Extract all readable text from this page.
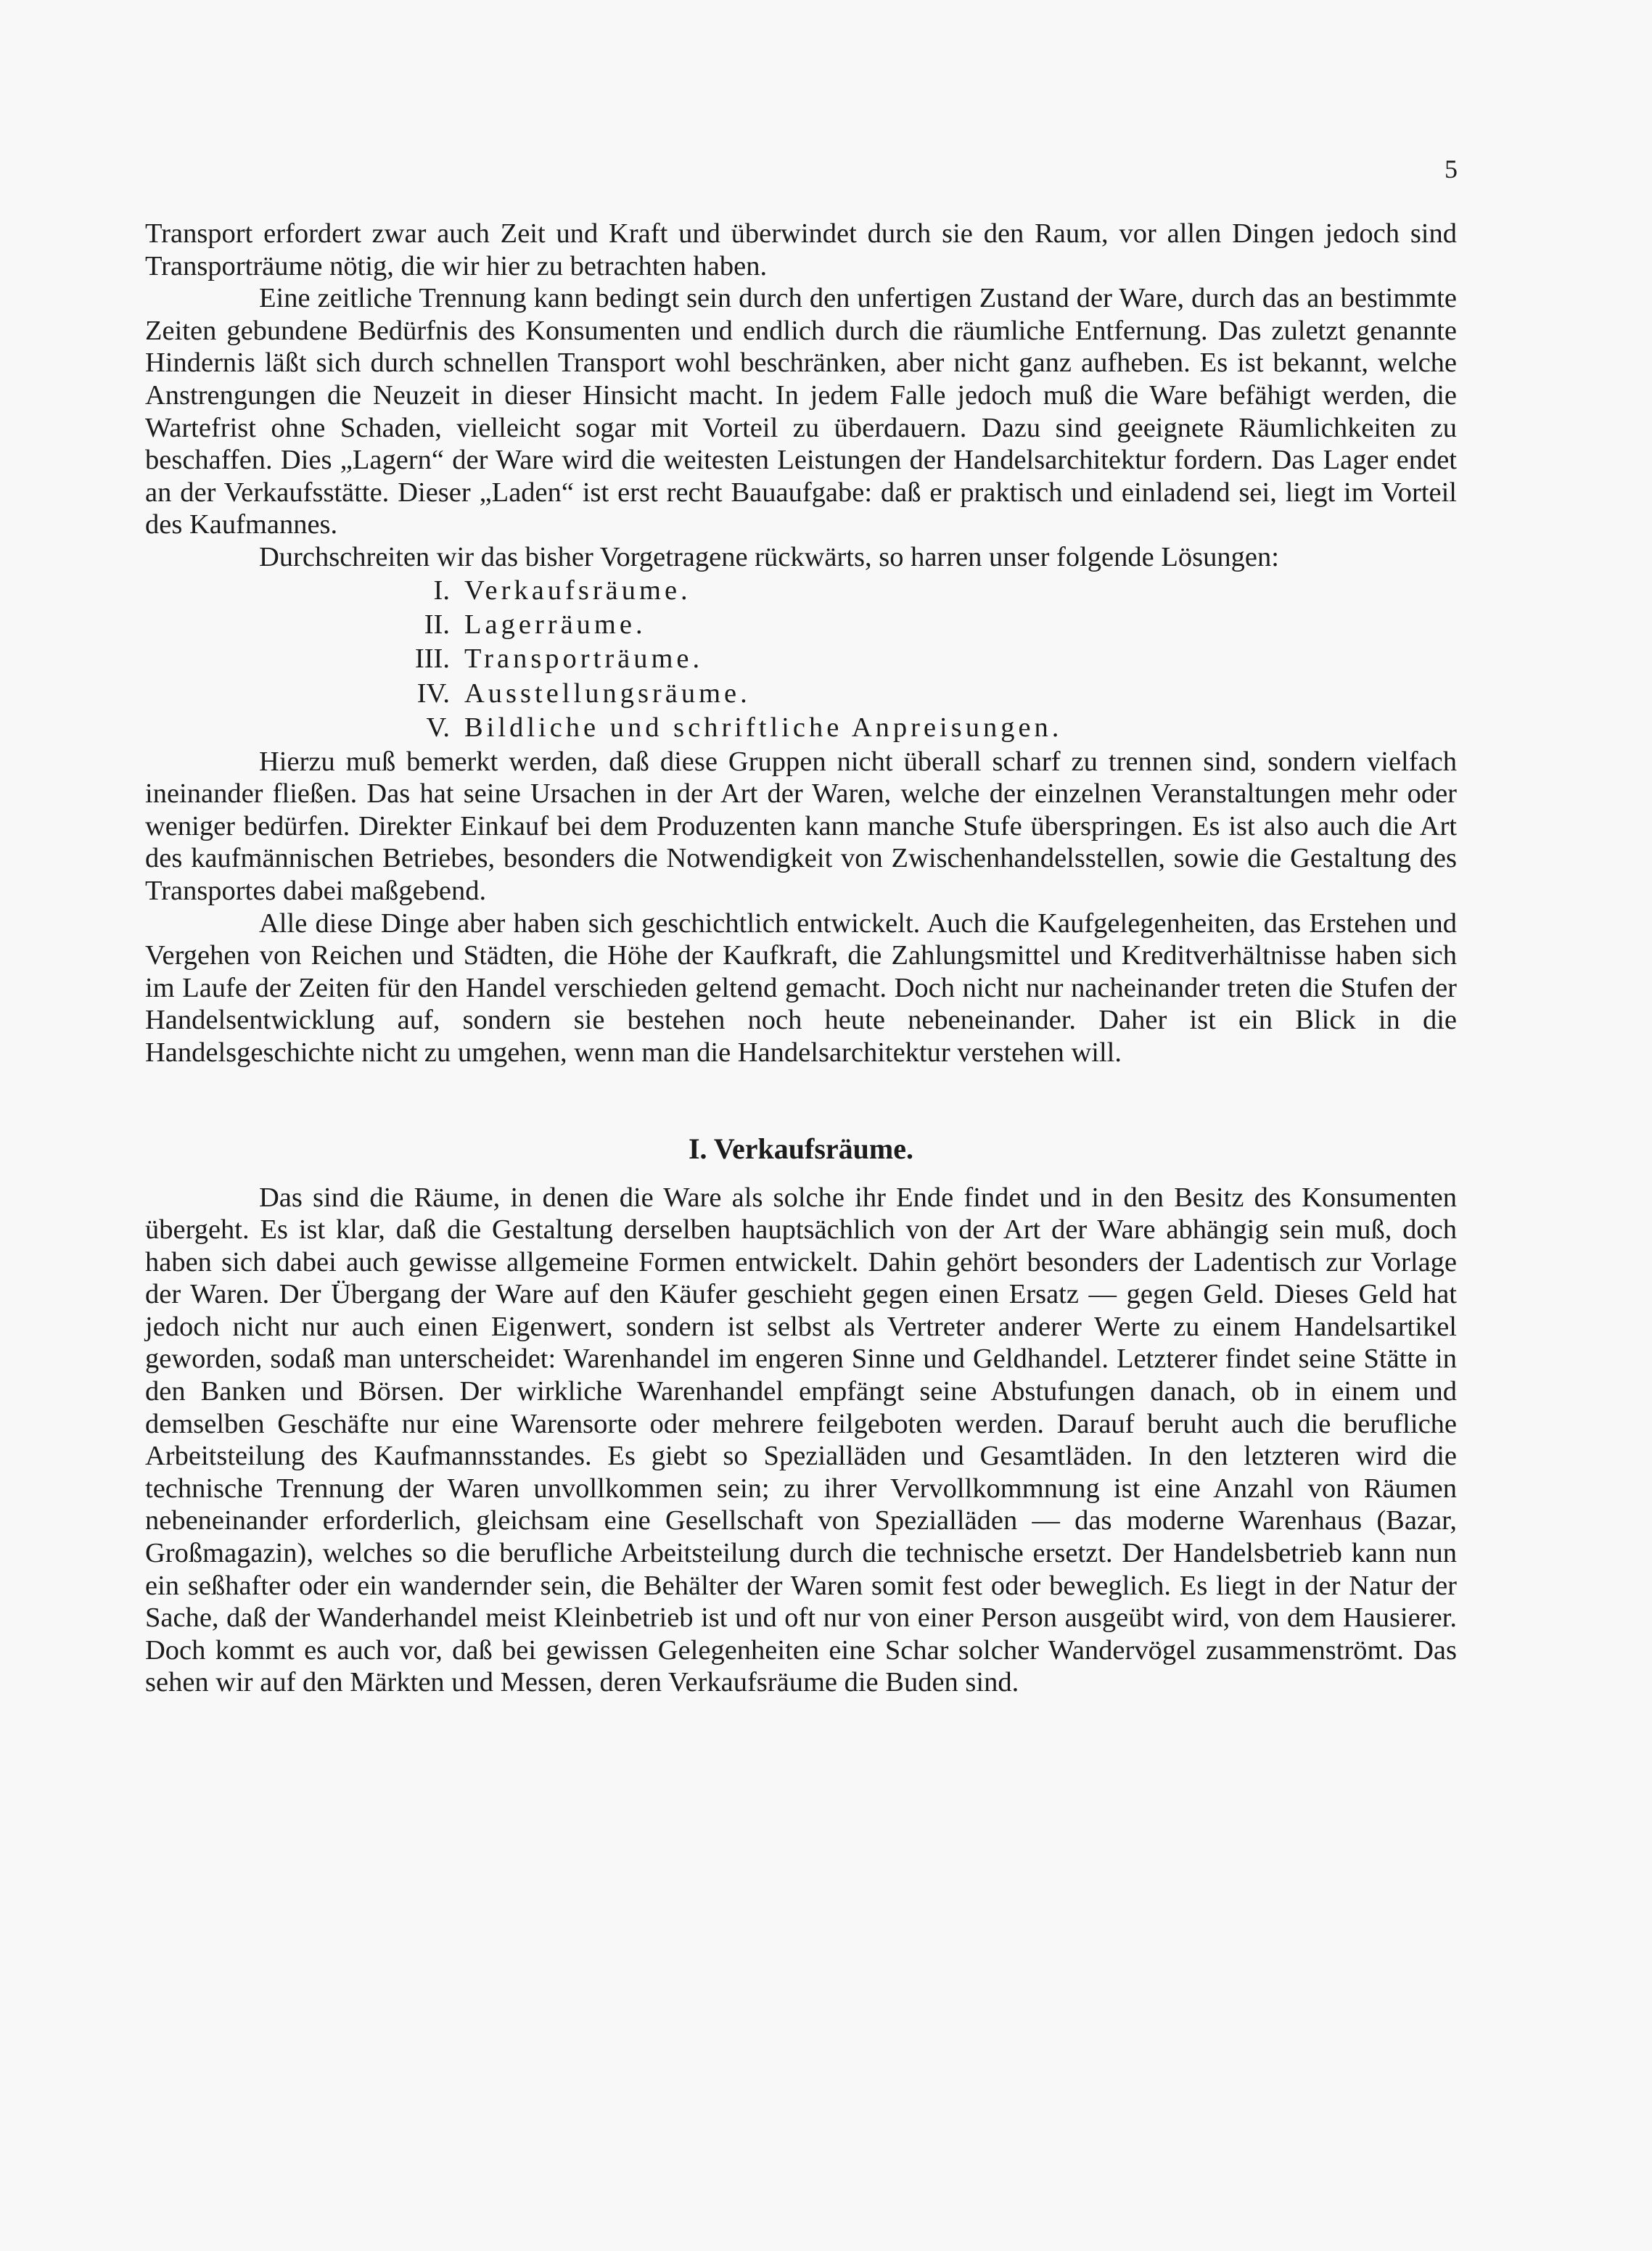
5

Transport erfordert zwar auch Zeit und Kraft und überwindet durch sie den Raum, vor allen Dingen jedoch sind Transporträume nötig, die wir hier zu betrachten haben.

Eine zeitliche Trennung kann bedingt sein durch den unfertigen Zustand der Ware, durch das an bestimmte Zeiten gebundene Bedürfnis des Konsumenten und endlich durch die räumliche Entfernung. Das zuletzt genannte Hindernis läßt sich durch schnellen Transport wohl beschränken, aber nicht ganz aufheben. Es ist bekannt, welche Anstrengungen die Neuzeit in dieser Hinsicht macht. In jedem Falle jedoch muß die Ware befähigt werden, die Wartefrist ohne Schaden, vielleicht sogar mit Vorteil zu überdauern. Dazu sind geeignete Räumlichkeiten zu beschaffen. Dies „Lagern“ der Ware wird die weitesten Leistungen der Handelsarchitektur fordern. Das Lager endet an der Verkaufsstätte. Dieser „Laden“ ist erst recht Bauaufgabe: daß er praktisch und einladend sei, liegt im Vorteil des Kaufmannes.

Durchschreiten wir das bisher Vorgetragene rückwärts, so harren unser folgende Lösungen:

I. Verkaufsräume.
II. Lagerräume.
III. Transporträume.
IV. Ausstellungsräume.
V. Bildliche und schriftliche Anpreisungen.

Hierzu muß bemerkt werden, daß diese Gruppen nicht überall scharf zu trennen sind, sondern vielfach ineinander fließen. Das hat seine Ursachen in der Art der Waren, welche der einzelnen Veranstaltungen mehr oder weniger bedürfen. Direkter Einkauf bei dem Produzenten kann manche Stufe überspringen. Es ist also auch die Art des kaufmännischen Betriebes, besonders die Notwendigkeit von Zwischenhandelsstellen, sowie die Gestaltung des Transportes dabei maßgebend.

Alle diese Dinge aber haben sich geschichtlich entwickelt. Auch die Kaufgelegenheiten, das Erstehen und Vergehen von Reichen und Städten, die Höhe der Kaufkraft, die Zahlungsmittel und Kreditverhältnisse haben sich im Laufe der Zeiten für den Handel verschieden geltend gemacht. Doch nicht nur nacheinander treten die Stufen der Handelsentwicklung auf, sondern sie bestehen noch heute nebeneinander. Daher ist ein Blick in die Handelsgeschichte nicht zu umgehen, wenn man die Handelsarchitektur verstehen will.

I. Verkaufsräume.

Das sind die Räume, in denen die Ware als solche ihr Ende findet und in den Besitz des Konsumenten übergeht. Es ist klar, daß die Gestaltung derselben hauptsächlich von der Art der Ware abhängig sein muß, doch haben sich dabei auch gewisse allgemeine Formen entwickelt. Dahin gehört besonders der Ladentisch zur Vorlage der Waren. Der Übergang der Ware auf den Käufer geschieht gegen einen Ersatz — gegen Geld. Dieses Geld hat jedoch nicht nur auch einen Eigenwert, sondern ist selbst als Vertreter anderer Werte zu einem Handelsartikel geworden, sodaß man unterscheidet: Warenhandel im engeren Sinne und Geldhandel. Letzterer findet seine Stätte in den Banken und Börsen. Der wirkliche Warenhandel empfängt seine Abstufungen danach, ob in einem und demselben Geschäfte nur eine Warensorte oder mehrere feilgeboten werden. Darauf beruht auch die berufliche Arbeitsteilung des Kaufmannsstandes. Es giebt so Spezialläden und Gesamtläden. In den letzteren wird die technische Trennung der Waren unvollkommen sein; zu ihrer Vervollkommnung ist eine Anzahl von Räumen nebeneinander erforderlich, gleichsam eine Gesellschaft von Spezialläden — das moderne Warenhaus (Bazar, Großmagazin), welches so die berufliche Arbeitsteilung durch die technische ersetzt. Der Handelsbetrieb kann nun ein seßhafter oder ein wandernder sein, die Behälter der Waren somit fest oder beweglich. Es liegt in der Natur der Sache, daß der Wanderhandel meist Kleinbetrieb ist und oft nur von einer Person ausgeübt wird, von dem Hausierer. Doch kommt es auch vor, daß bei gewissen Gelegenheiten eine Schar solcher Wandervögel zusammenströmt. Das sehen wir auf den Märkten und Messen, deren Verkaufsräume die Buden sind.
